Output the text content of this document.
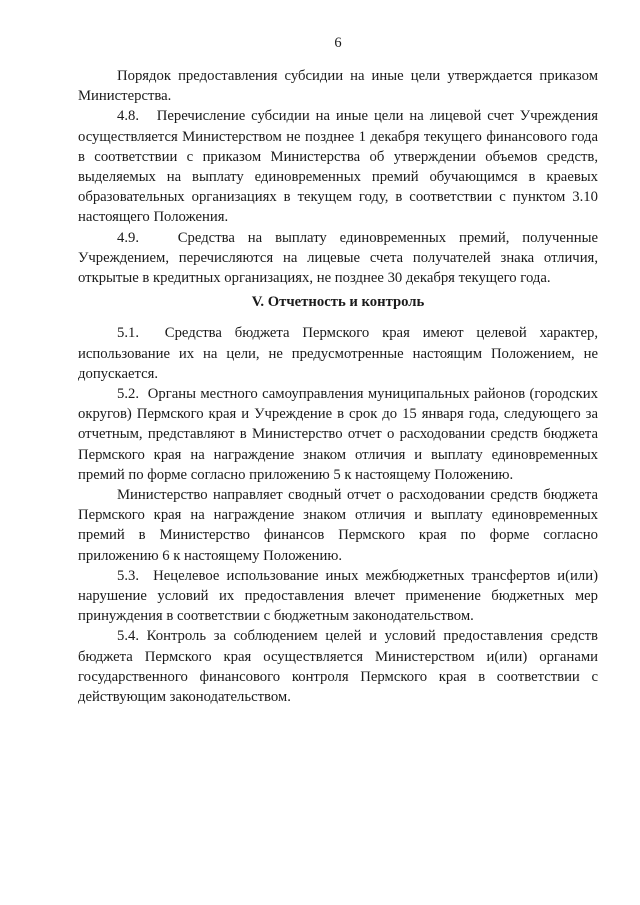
6

Порядок предоставления субсидии на иные цели утверждается приказом Министерства.

4.8.   Перечисление субсидии на иные цели на лицевой счет Учреждения осуществляется Министерством не позднее 1 декабря текущего финансового года в соответствии с приказом Министерства об утверждении объемов средств, выделяемых на выплату единовременных премий обучающимся в краевых образовательных организациях в текущем году, в соответствии с пунктом 3.10 настоящего Положения.

4.9.   Средства на выплату единовременных премий, полученные Учреждением, перечисляются на лицевые счета получателей знака отличия, открытые в кредитных организациях, не позднее 30 декабря текущего года.

V. Отчетность и контроль

5.1.  Средства бюджета Пермского края имеют целевой характер, использование их на цели, не предусмотренные настоящим Положением, не допускается.

5.2.  Органы местного самоуправления муниципальных районов (городских округов) Пермского края и Учреждение в срок до 15 января года, следующего за отчетным, представляют в Министерство отчет о расходовании средств бюджета Пермского края на награждение знаком отличия и выплату единовременных премий по форме согласно приложению 5 к настоящему Положению.

Министерство направляет сводный отчет о расходовании средств бюджета Пермского края на награждение знаком отличия и выплату единовременных премий в Министерство финансов Пермского края по форме согласно приложению 6 к настоящему Положению.

5.3.  Нецелевое использование иных межбюджетных трансфертов и(или) нарушение условий их предоставления влечет применение бюджетных мер принуждения в соответствии с бюджетным законодательством.

5.4. Контроль за соблюдением целей и условий предоставления средств бюджета Пермского края осуществляется Министерством и(или) органами государственного финансового контроля Пермского края в соответствии с действующим законодательством.
